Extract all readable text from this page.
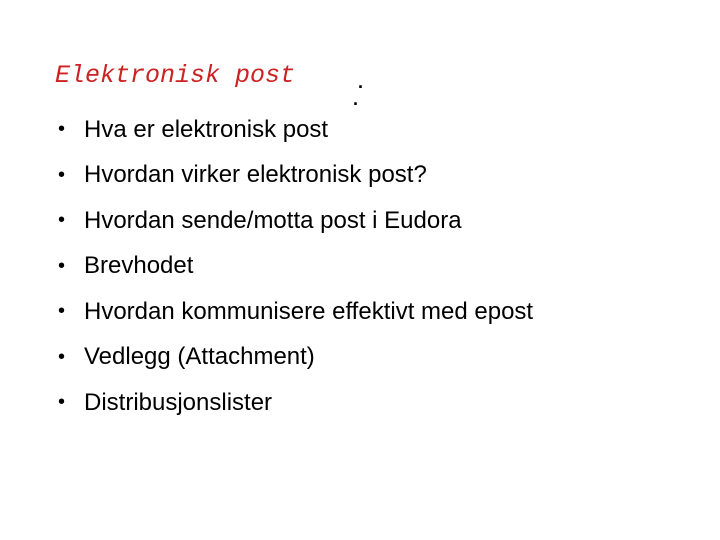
Elektronisk post	.
.
• Hva er elektronisk post
• Hvordan virker elektronisk post?
• Hvordan sende/motta post i Eudora
• Brevhodet
• Hvordan kommunisere effektivt med epost
• Vedlegg (Attachment)
• Distribusjonslister
